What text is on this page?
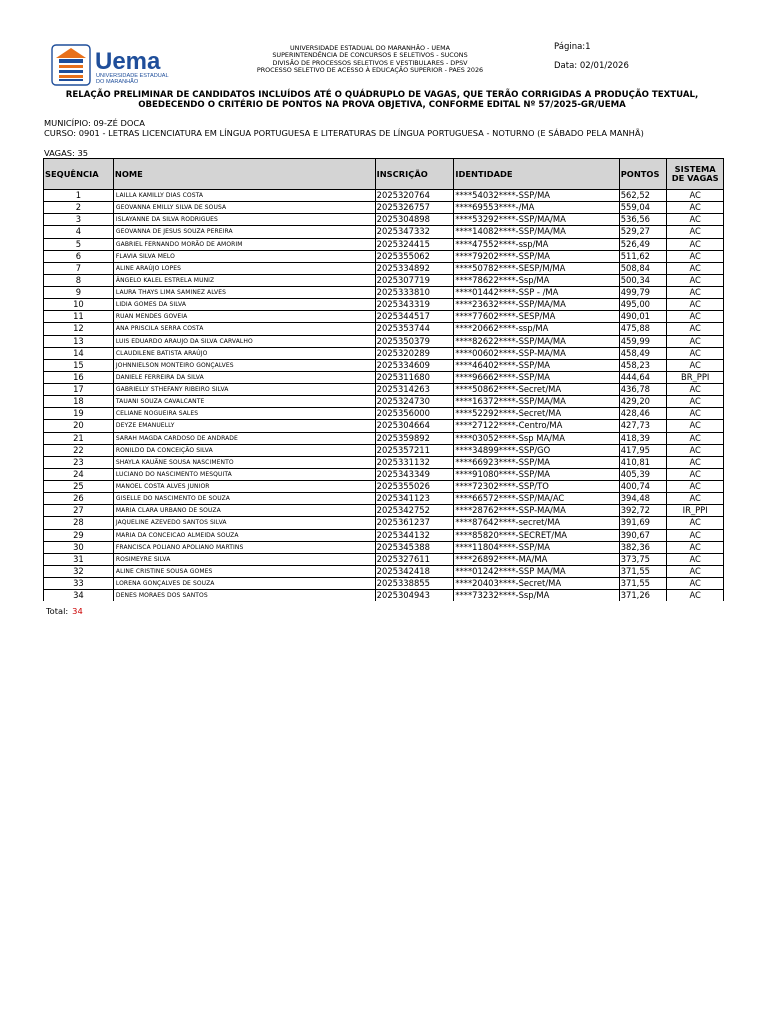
Uema
UNIVERSIDADE ESTADUAL
DO MARANHÃO
UNIVERSIDADE ESTADUAL DO MARANHÃO - UEMA
SUPERINTENDÊNCIA DE CONCURSOS E SELETIVOS - SUCONS
DIVISÃO DE PROCESSOS SELETIVOS E VESTIBULARES - DPSV
PROCESSO SELETIVO DE ACESSO À EDUCAÇÃO SUPERIOR - PAES 2026
Página:1
Data: 02/01/2026
RELAÇÃO PRELIMINAR DE CANDIDATOS INCLUÍDOS ATÉ O QUÁDRUPLO DE VAGAS, QUE TERÃO CORRIGIDAS A PRODUÇÃO TEXTUAL, OBEDECENDO O CRITÉRIO DE PONTOS NA PROVA OBJETIVA, CONFORME EDITAL Nº 57/2025-GR/UEMA
MUNICÍPIO: 09-ZÉ DOCA
CURSO: 0901 - LETRAS LICENCIATURA EM LÍNGUA PORTUGUESA E LITERATURAS DE LÍNGUA PORTUGUESA - NOTURNO (E SÁBADO PELA MANHÃ)
VAGAS: 35
SEQUÊNCIA	NOME	INSCRIÇÃO	IDENTIDADE	PONTOS	SISTEMA DE VAGAS
1	LAILLA KAMILLY DIAS COSTA	2025320764	****54032****-SSP/MA	562,52	AC
2	GEOVANNA EMILLY SILVA DE SOUSA	2025326757	****69553****-/MA	559,04	AC
3	ISLAYANNE DA SILVA RODRIGUES	2025304898	****53292****-SSP/MA/MA	536,56	AC
4	GEOVANNA DE JESUS SOUZA PEREIRA	2025347332	****14082****-SSP/MA/MA	529,27	AC
5	GABRIEL FERNANDO MORÃO DE AMORIM	2025324415	****47552****-ssp/MA	526,49	AC
6	FLAVIA SILVA MELO	2025355062	****79202****-SSP/MA	511,62	AC
7	ALINE ARAÚJO LOPES	2025334892	****50782****-SESP/M/MA	508,84	AC
8	ÂNGELO KALEL ESTRELA MUNIZ	2025307719	****78622****-Ssp/MA	500,34	AC
9	LAURA THAYS LIMA SAMINEZ ALVES	2025333810	****01442****-SSP - /MA	499,79	AC
10	LIDIA GOMES DA SILVA	2025343319	****23632****-SSP/MA/MA	495,00	AC
11	RUAN MENDES GOVEIA	2025344517	****77602****-SESP/MA	490,01	AC
12	ANA PRISCILA SERRA COSTA	2025353744	****20662****-ssp/MA	475,88	AC
13	LUIS EDUARDO ARAUJO DA SILVA CARVALHO	2025350379	****82622****-SSP/MA/MA	459,99	AC
14	CLAUDILENE BATISTA ARAÚJO	2025320289	****00602****-SSP-MA/MA	458,49	AC
15	JOHNNIELSON MONTEIRO GONÇALVES	2025334609	****46402****-SSP/MA	458,23	AC
16	DANIELE FERREIRA DA SILVA	2025311680	****96662****-SSP/MA	444,64	BR_PPI
17	GABRIELLY STHEFANY RIBEIRO SILVA	2025314263	****50862****-Secret/MA	436,78	AC
18	TAUANI SOUZA CAVALCANTE	2025324730	****16372****-SSP/MA/MA	429,20	AC
19	CELIANE NOGUEIRA SALES	2025356000	****52292****-Secret/MA	428,46	AC
20	DEYZE EMANUELLY	2025304664	****27122****-Centro/MA	427,73	AC
21	SARAH MAGDA CARDOSO DE ANDRADE	2025359892	****03052****-Ssp MA/MA	418,39	AC
22	RONILDO DA CONCEIÇÃO SILVA	2025357211	****34899****-SSP/GO	417,95	AC
23	SHAYLA KAUÃNE SOUSA NASCIMENTO	2025331132	****66923****-SSP/MA	410,81	AC
24	LUCIANO DO NASCIMENTO MESQUITA	2025343349	****91080****-SSP/MA	405,39	AC
25	MANOEL COSTA ALVES JUNIOR	2025355026	****72302****-SSP/TO	400,74	AC
26	GISELLE DO NASCIMENTO DE SOUZA	2025341123	****66572****-SSP/MA/AC	394,48	AC
27	MARIA CLARA URBANO DE SOUZA	2025342752	****28762****-SSP-MA/MA	392,72	IR_PPI
28	JAQUELINE AZEVEDO SANTOS SILVA	2025361237	****87642****-secret/MA	391,69	AC
29	MARIA DA CONCEICAO ALMEIDA SOUZA	2025344132	****85820****-SECRET/MA	390,67	AC
30	FRANCISCA POLIANO APOLIANO MARTINS	2025345388	****11804****-SSP/MA	382,36	AC
31	ROSIMEYRE SILVA	2025327611	****26892****-MA/MA	373,75	AC
32	ALINE CRISTINE SOUSA GOMES	2025342418	****01242****-SSP MA/MA	371,55	AC
33	LORENA GONÇALVES DE SOUZA	2025338855	****20403****-Secret/MA	371,55	AC
34	DENES MORAES DOS SANTOS	2025304943	****73232****-Ssp/MA	371,26	AC
Total: 34
